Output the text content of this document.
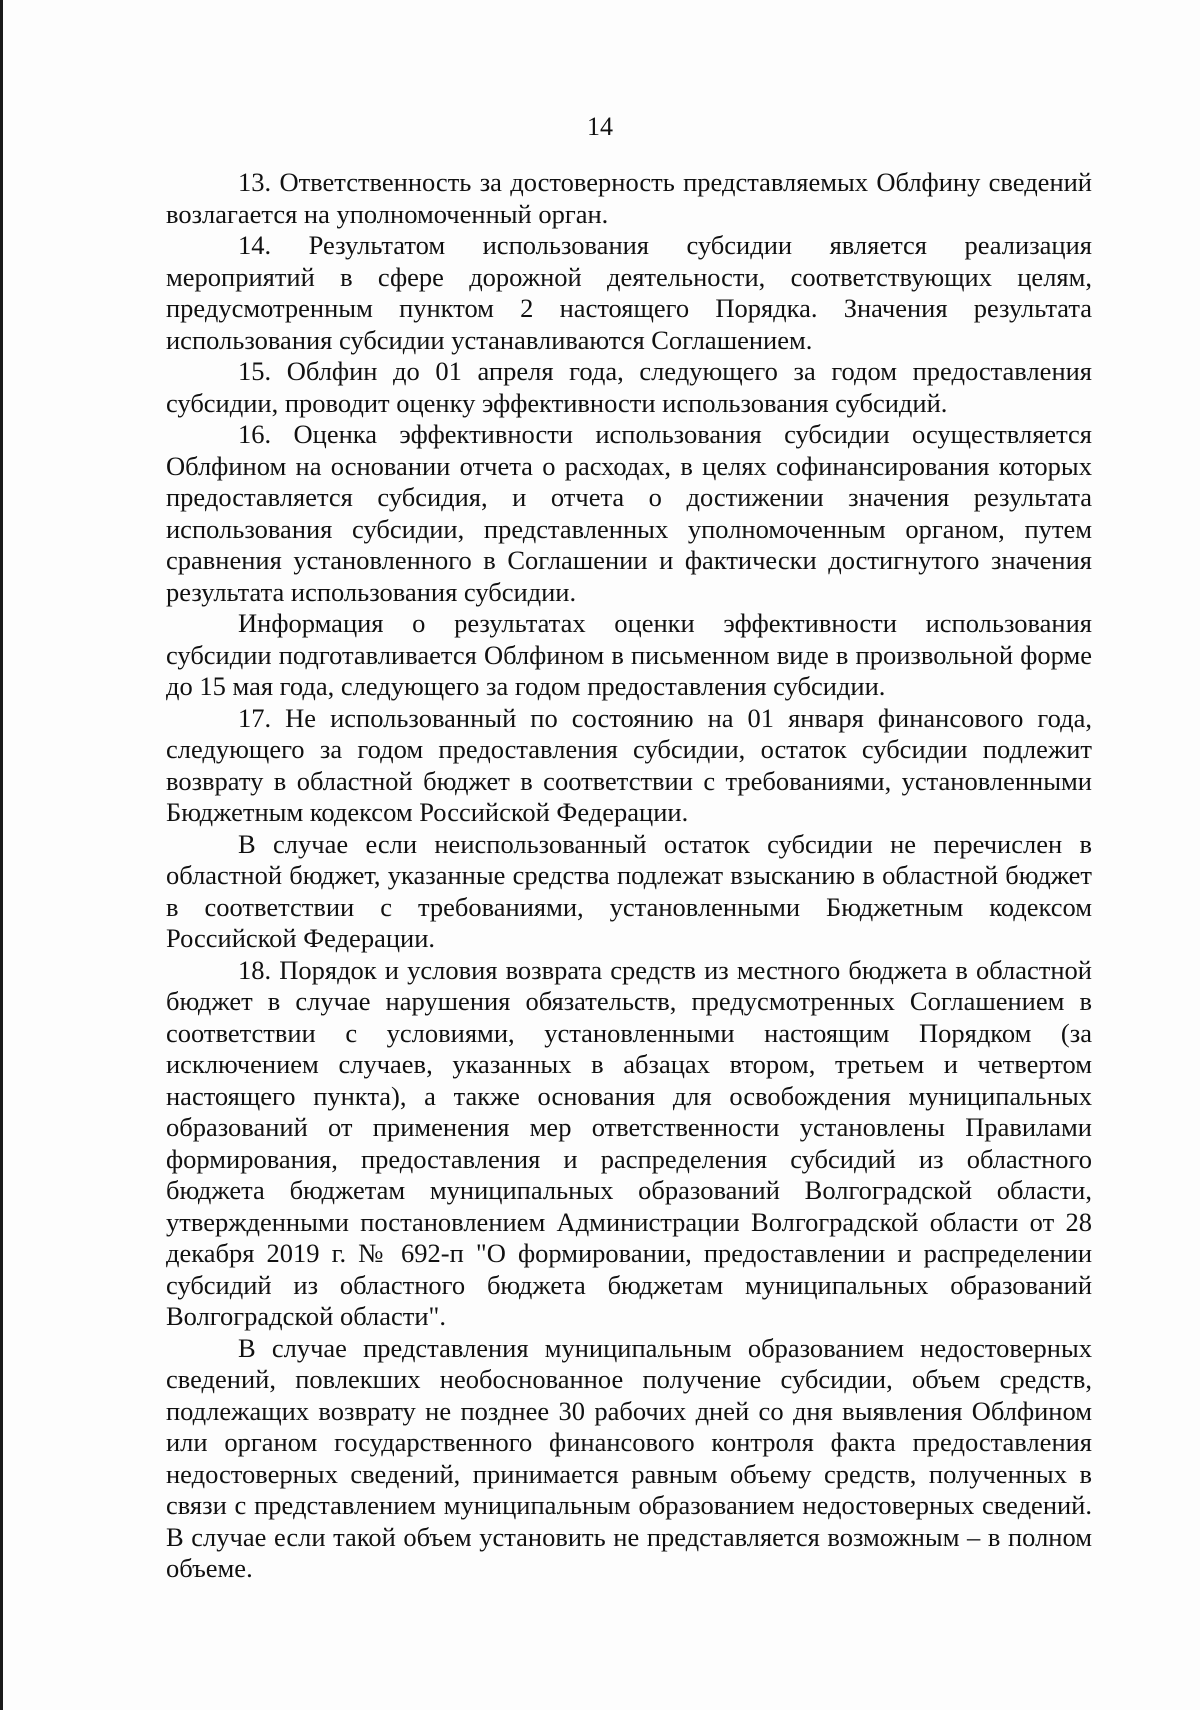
14

13. Ответственность за достоверность представляемых Облфину сведений возлагается на уполномоченный орган.

14. Результатом использования субсидии является реализация мероприятий в сфере дорожной деятельности, соответствующих целям, предусмотренным пунктом 2 настоящего Порядка. Значения результата использования субсидии устанавливаются Соглашением.

15. Облфин до 01 апреля года, следующего за годом предоставления субсидии, проводит оценку эффективности использования субсидий.

16. Оценка эффективности использования субсидии осуществляется Облфином на основании отчета о расходах, в целях софинансирования которых предоставляется субсидия, и отчета о достижении значения результата использования субсидии, представленных уполномоченным органом, путем сравнения установленного в Соглашении и фактически достигнутого значения результата использования субсидии.

Информация о результатах оценки эффективности использования субсидии подготавливается Облфином в письменном виде в произвольной форме до 15 мая года, следующего за годом предоставления субсидии.

17. Не использованный по состоянию на 01 января финансового года, следующего за годом предоставления субсидии, остаток субсидии подлежит возврату в областной бюджет в соответствии с требованиями, установленными Бюджетным кодексом Российской Федерации.

В случае если неиспользованный остаток субсидии не перечислен в областной бюджет, указанные средства подлежат взысканию в областной бюджет в соответствии с требованиями, установленными Бюджетным кодексом Российской Федерации.

18. Порядок и условия возврата средств из местного бюджета в областной бюджет в случае нарушения обязательств, предусмотренных Соглашением в соответствии с условиями, установленными настоящим Порядком (за исключением случаев, указанных в абзацах втором, третьем и четвертом настоящего пункта), а также основания для освобождения муниципальных образований от применения мер ответственности установлены Правилами формирования, предоставления и распределения субсидий из областного бюджета бюджетам муниципальных образований Волгоградской области, утвержденными постановлением Администрации Волгоградской области от 28 декабря 2019 г. № 692-п "О формировании, предоставлении и распределении субсидий из областного бюджета бюджетам муниципальных образований Волгоградской области".

В случае представления муниципальным образованием недостоверных сведений, повлекших необоснованное получение субсидии, объем средств, подлежащих возврату не позднее 30 рабочих дней со дня выявления Облфином или органом государственного финансового контроля факта предоставления недостоверных сведений, принимается равным объему средств, полученных в связи с представлением муниципальным образованием недостоверных сведений. В случае если такой объем установить не представляется возможным – в полном объеме.
